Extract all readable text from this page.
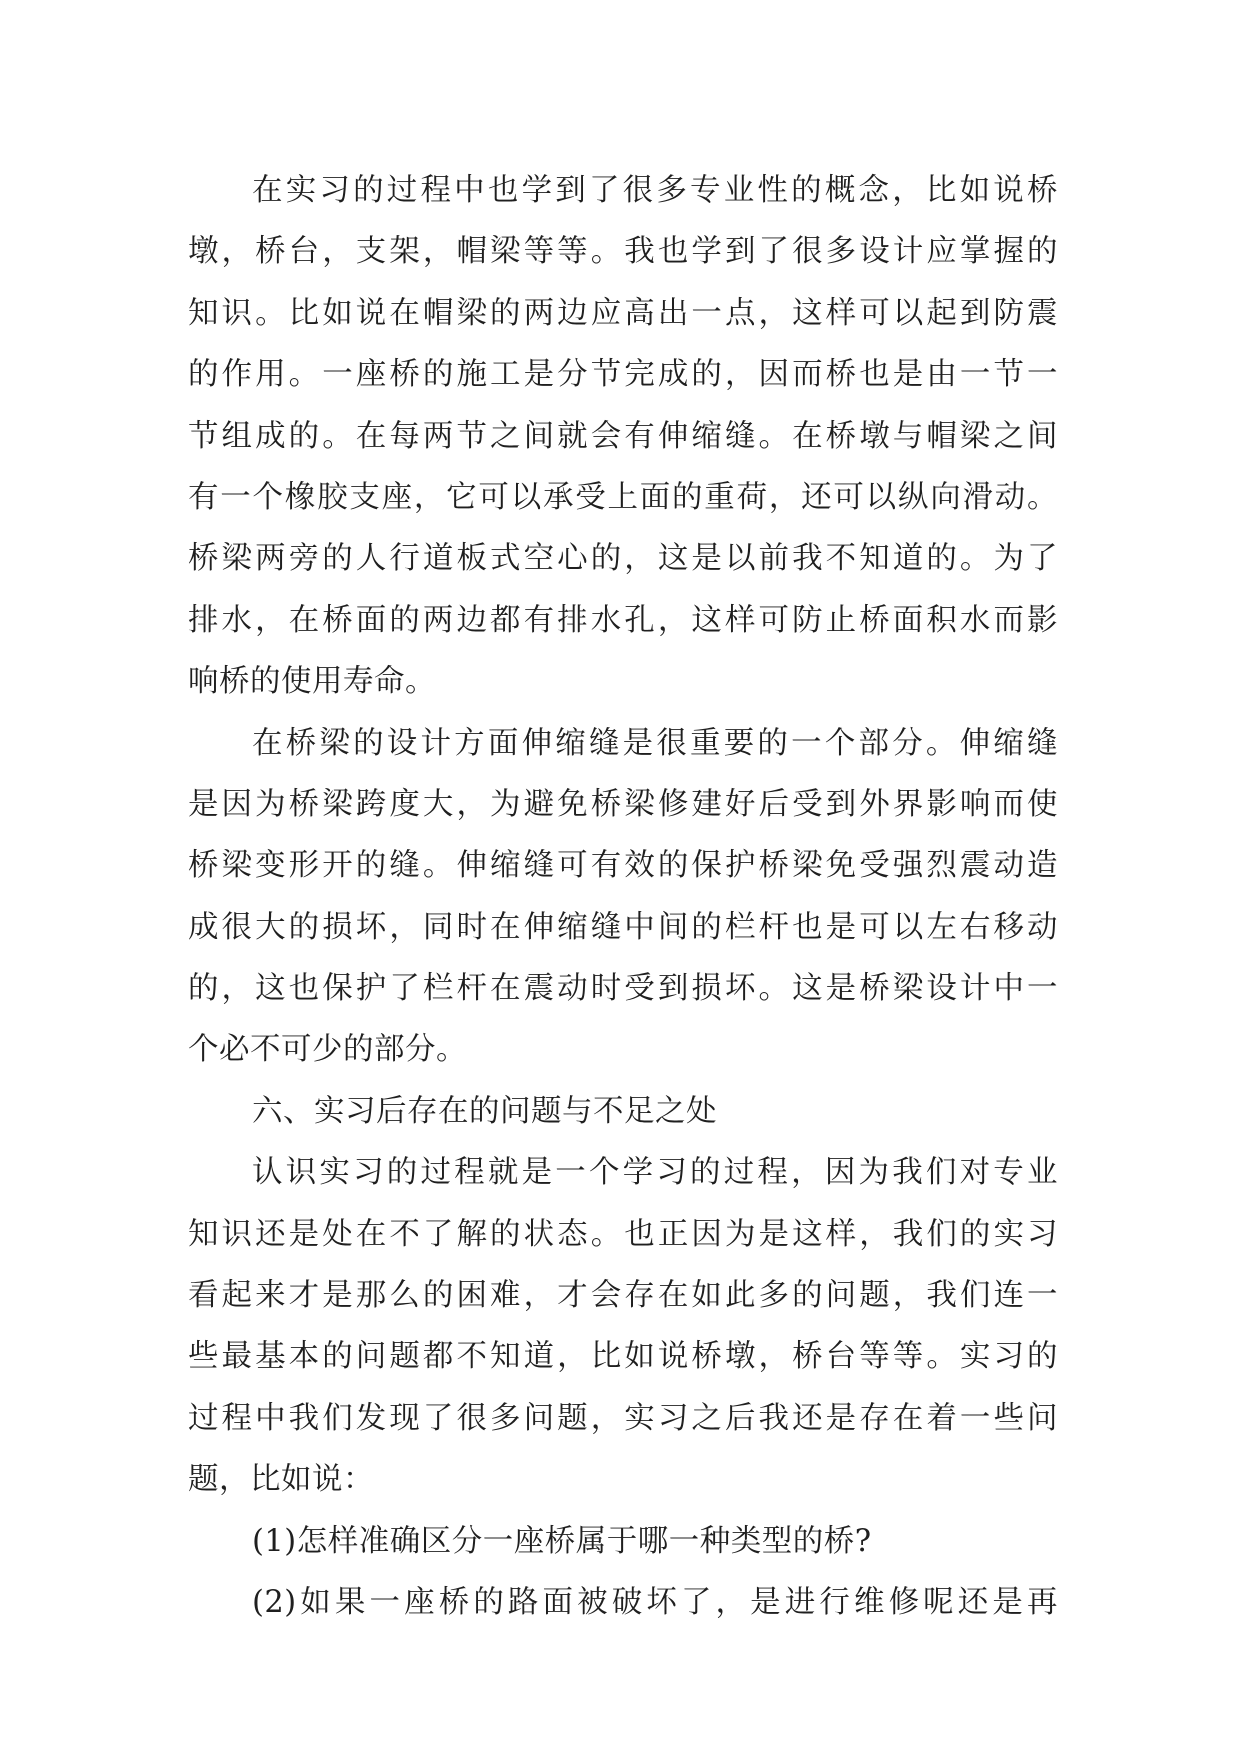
在实习的过程中也学到了很多专业性的概念，比如说桥
墩，桥台，支架，帽梁等等。我也学到了很多设计应掌握的
知识。比如说在帽梁的两边应高出一点，这样可以起到防震
的作用。一座桥的施工是分节完成的，因而桥也是由一节一
节组成的。在每两节之间就会有伸缩缝。在桥墩与帽梁之间
有一个橡胶支座，它可以承受上面的重荷，还可以纵向滑动。
桥梁两旁的人行道板式空心的，这是以前我不知道的。为了
排水，在桥面的两边都有排水孔，这样可防止桥面积水而影
响桥的使用寿命。
在桥梁的设计方面伸缩缝是很重要的一个部分。伸缩缝
是因为桥梁跨度大，为避免桥梁修建好后受到外界影响而使
桥梁变形开的缝。伸缩缝可有效的保护桥梁免受强烈震动造
成很大的损坏，同时在伸缩缝中间的栏杆也是可以左右移动
的，这也保护了栏杆在震动时受到损坏。这是桥梁设计中一
个必不可少的部分。
六、实习后存在的问题与不足之处
认识实习的过程就是一个学习的过程，因为我们对专业
知识还是处在不了解的状态。也正因为是这样，我们的实习
看起来才是那么的困难，才会存在如此多的问题，我们连一
些最基本的问题都不知道，比如说桥墩，桥台等等。实习的
过程中我们发现了很多问题，实习之后我还是存在着一些问
题，比如说：
(1)怎样准确区分一座桥属于哪一种类型的桥?
(2)如果一座桥的路面被破坏了，是进行维修呢还是再
